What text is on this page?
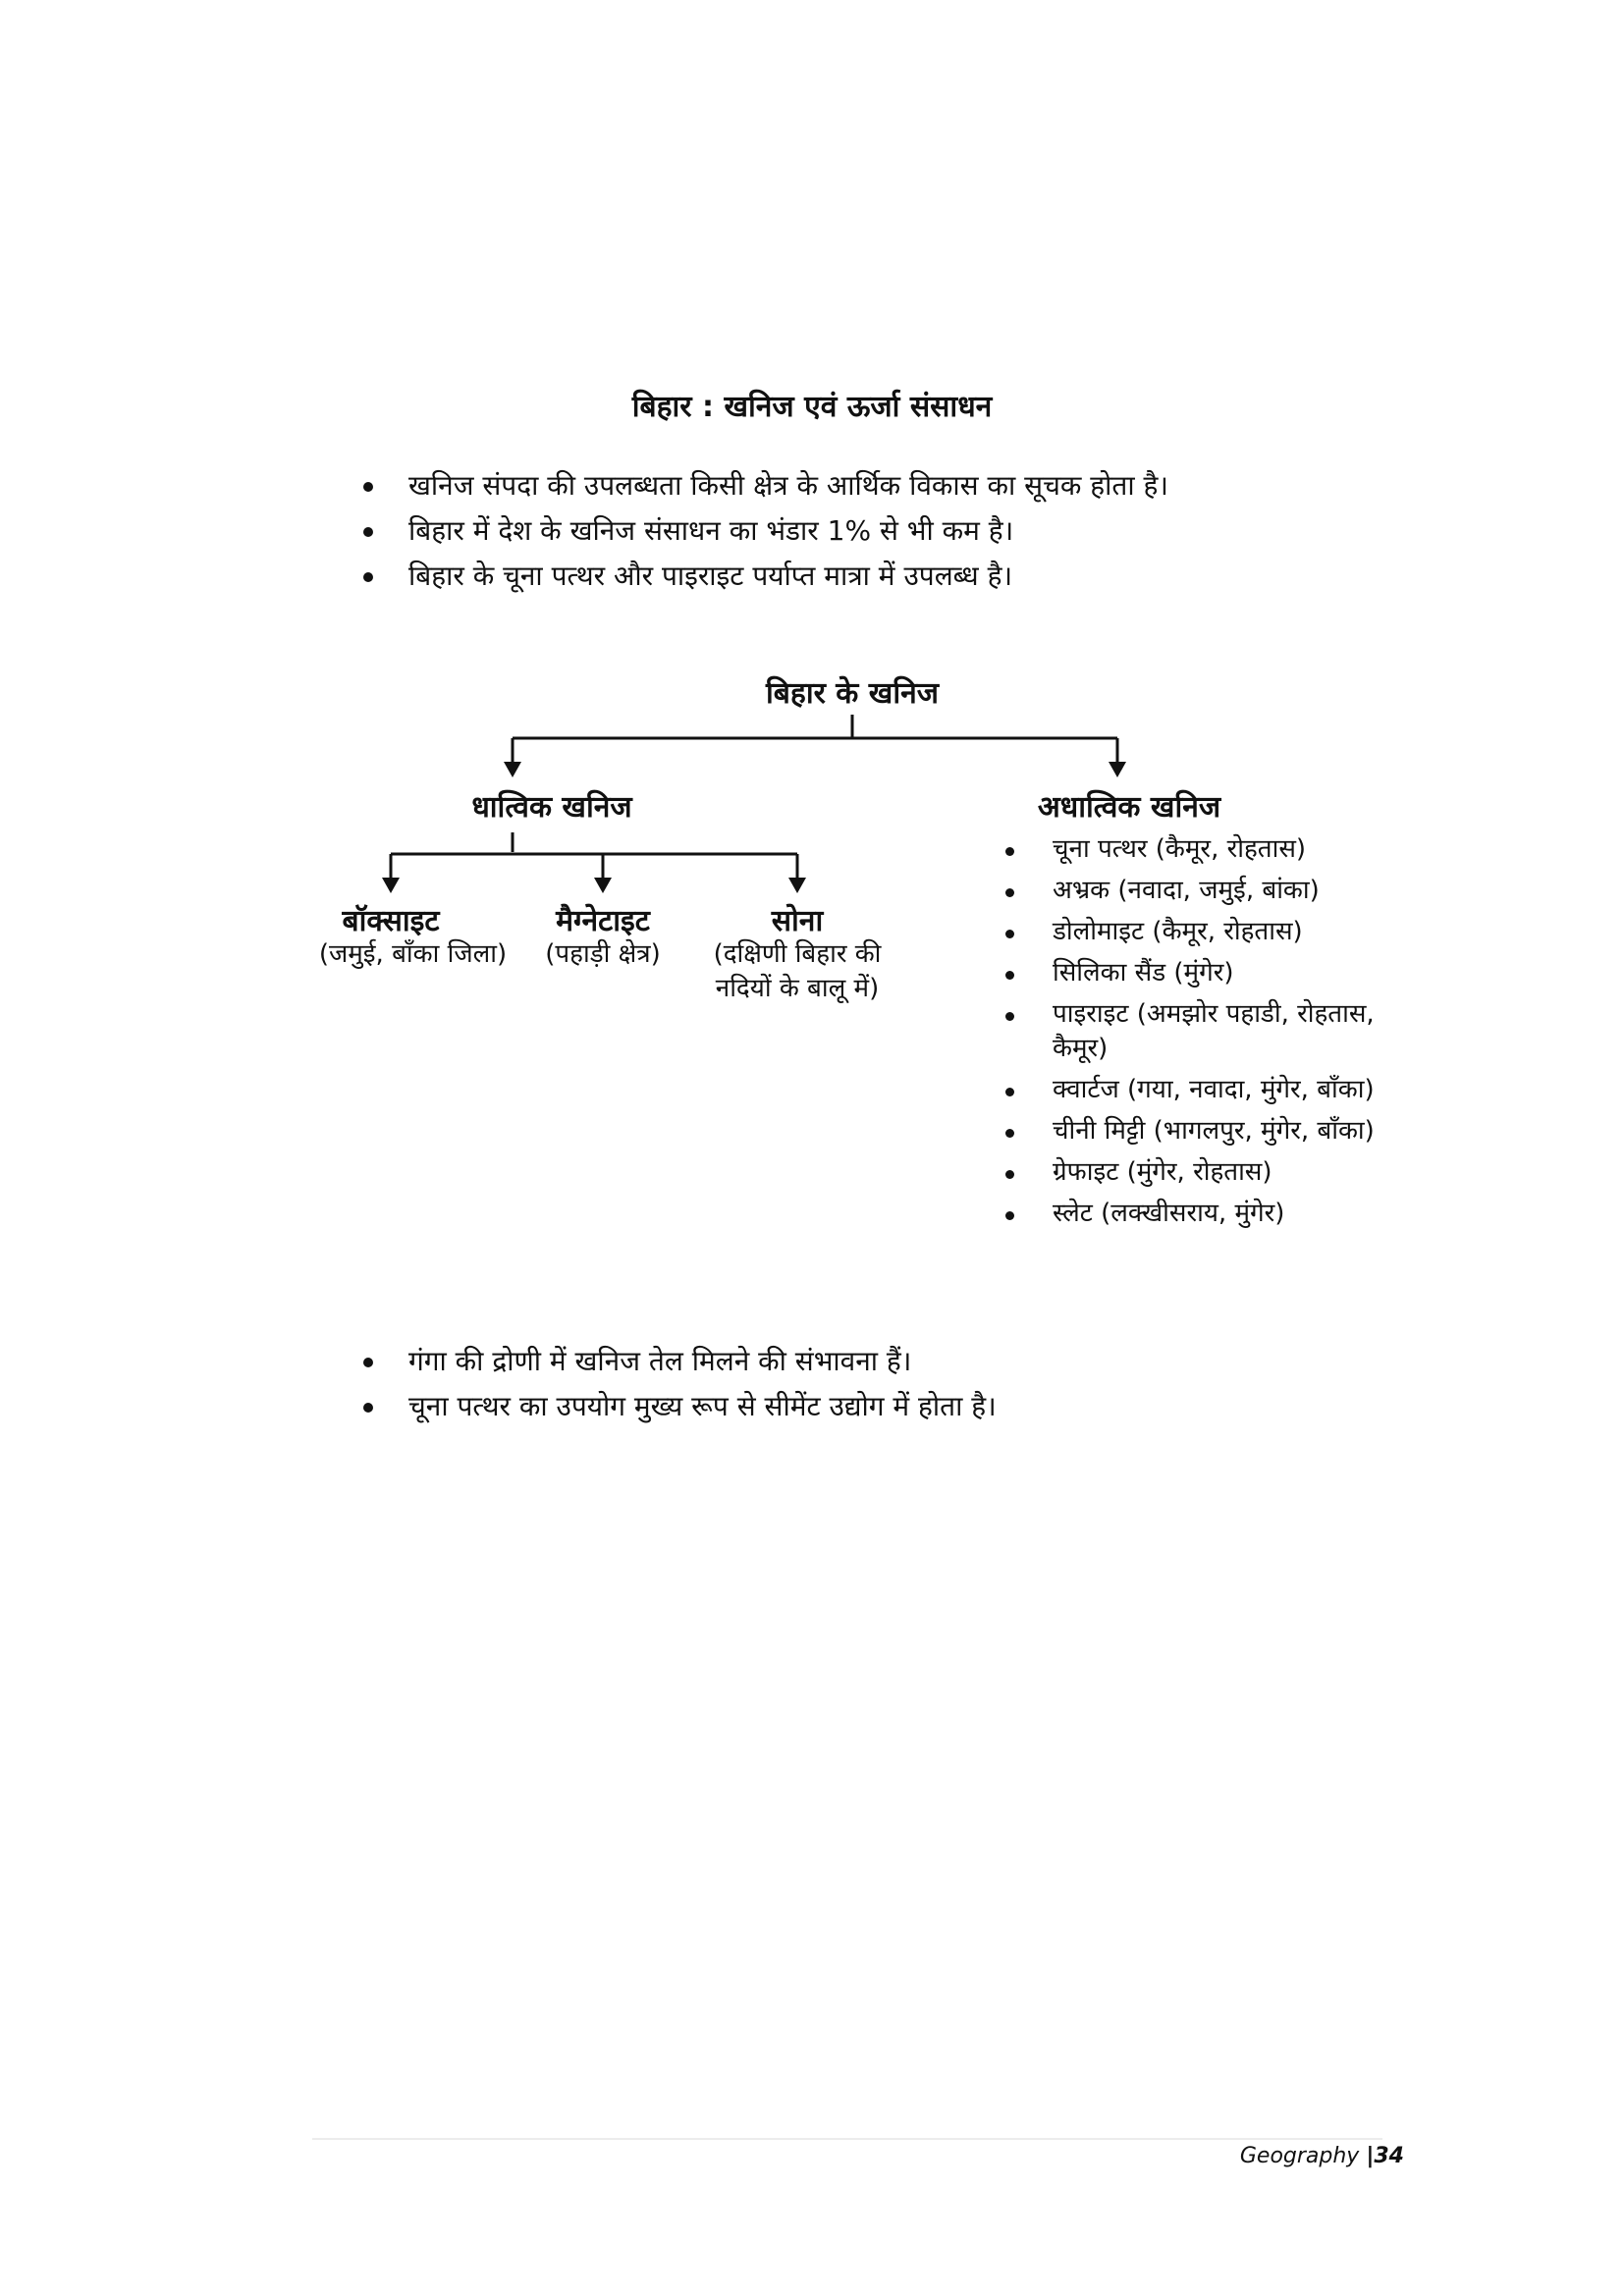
बिहार : खनिज एवं ऊर्जा संसाधन
खनिज संपदा की उपलब्धता किसी क्षेत्र के आर्थिक विकास का सूचक होता है।
बिहार में देश के खनिज संसाधन का भंडार 1% से भी कम है।
बिहार के चूना पत्थर और पाइराइट पर्याप्त मात्रा में उपलब्ध है।
बिहार के खनिज
धात्विक खनिज	अधात्विक खनिज
बॉक्साइट
(जमुई, बाँका जिला)
मैग्नेटाइट
(पहाड़ी क्षेत्र)
सोना
(दक्षिणी बिहार की नदियों के बालू में)
चूना पत्थर (कैमूर, रोहतास)
अभ्रक (नवादा, जमुई, बांका)
डोलोमाइट (कैमूर, रोहतास)
सिलिका सैंड (मुंगेर)
पाइराइट (अमझोर पहाडी, रोहतास, कैमूर)
क्वार्टज (गया, नवादा, मुंगेर, बाँका)
चीनी मिट्टी (भागलपुर, मुंगेर, बाँका)
ग्रेफाइट (मुंगेर, रोहतास)
स्लेट (लक्खीसराय, मुंगेर)
गंगा की द्रोणी में खनिज तेल मिलने की संभावना हैं।
चूना पत्थर का उपयोग मुख्य रूप से सीमेंट उद्योग में होता है।
Geography |34
